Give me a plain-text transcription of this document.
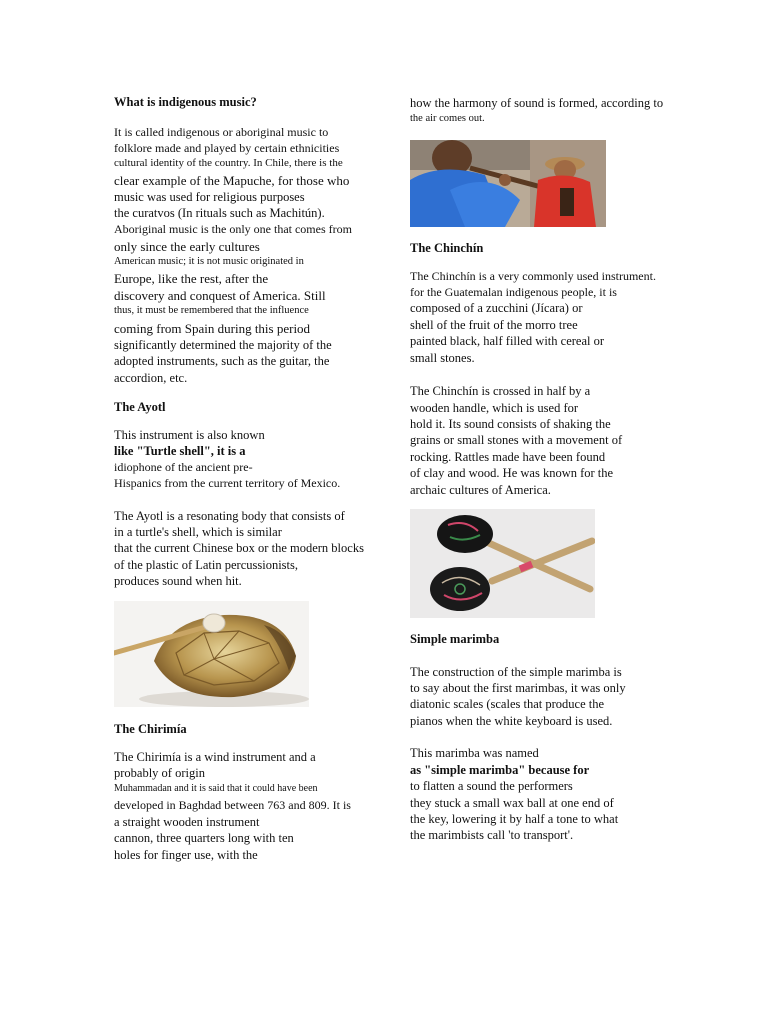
What is indigenous music?
It is called indigenous or aboriginal music to
folklore made and played by certain ethnicities
cultural identity of the country. In Chile, there is the
clear example of the Mapuche, for those who
music was used for religious purposes
the curatvos (In rituals such as Machitún).
Aboriginal music is the only one that comes from
only since the early cultures
American music; it is not music originated in
Europe, like the rest, after the
discovery and conquest of America. Still
thus, it must be remembered that the influence
coming from Spain during this period
significantly determined the majority of the
adopted instruments, such as the guitar, the
accordion, etc.
The Ayotl
This instrument is also known
like "Turtle shell", it is a
idiophone of the ancient pre-
Hispanics from the current territory of Mexico.
The Ayotl is a resonating body that consists of
in a turtle's shell, which is similar
that the current Chinese box or the modern blocks
of the plastic of Latin percussionists,
produces sound when hit.
The Chirimía
The Chirimía is a wind instrument and a
probably of origin
Muhammadan and it is said that it could have been
developed in Baghdad between 763 and 809. It is
a straight wooden instrument
cannon, three quarters long with ten
holes for finger use, with the
how the harmony of sound is formed, according to
the air comes out.
The Chinchín
The Chinchín is a very commonly used instrument.
for the Guatemalan indigenous people, it is
composed of a zucchini (Jícara) or
shell of the fruit of the morro tree
painted black, half filled with cereal or
small stones.
The Chinchín is crossed in half by a
wooden handle, which is used for
hold it. Its sound consists of shaking the
grains or small stones with a movement of
rocking. Rattles made have been found
of clay and wood. He was known for the
archaic cultures of America.
Simple marimba
The construction of the simple marimba is
to say about the first marimbas, it was only
diatonic scales (scales that produce the
pianos when the white keyboard is used.
This marimba was named
as "simple marimba" because for
to flatten a sound the performers
they stuck a small wax ball at one end of
the key, lowering it by half a tone to what
the marimbists call 'to transport'.
